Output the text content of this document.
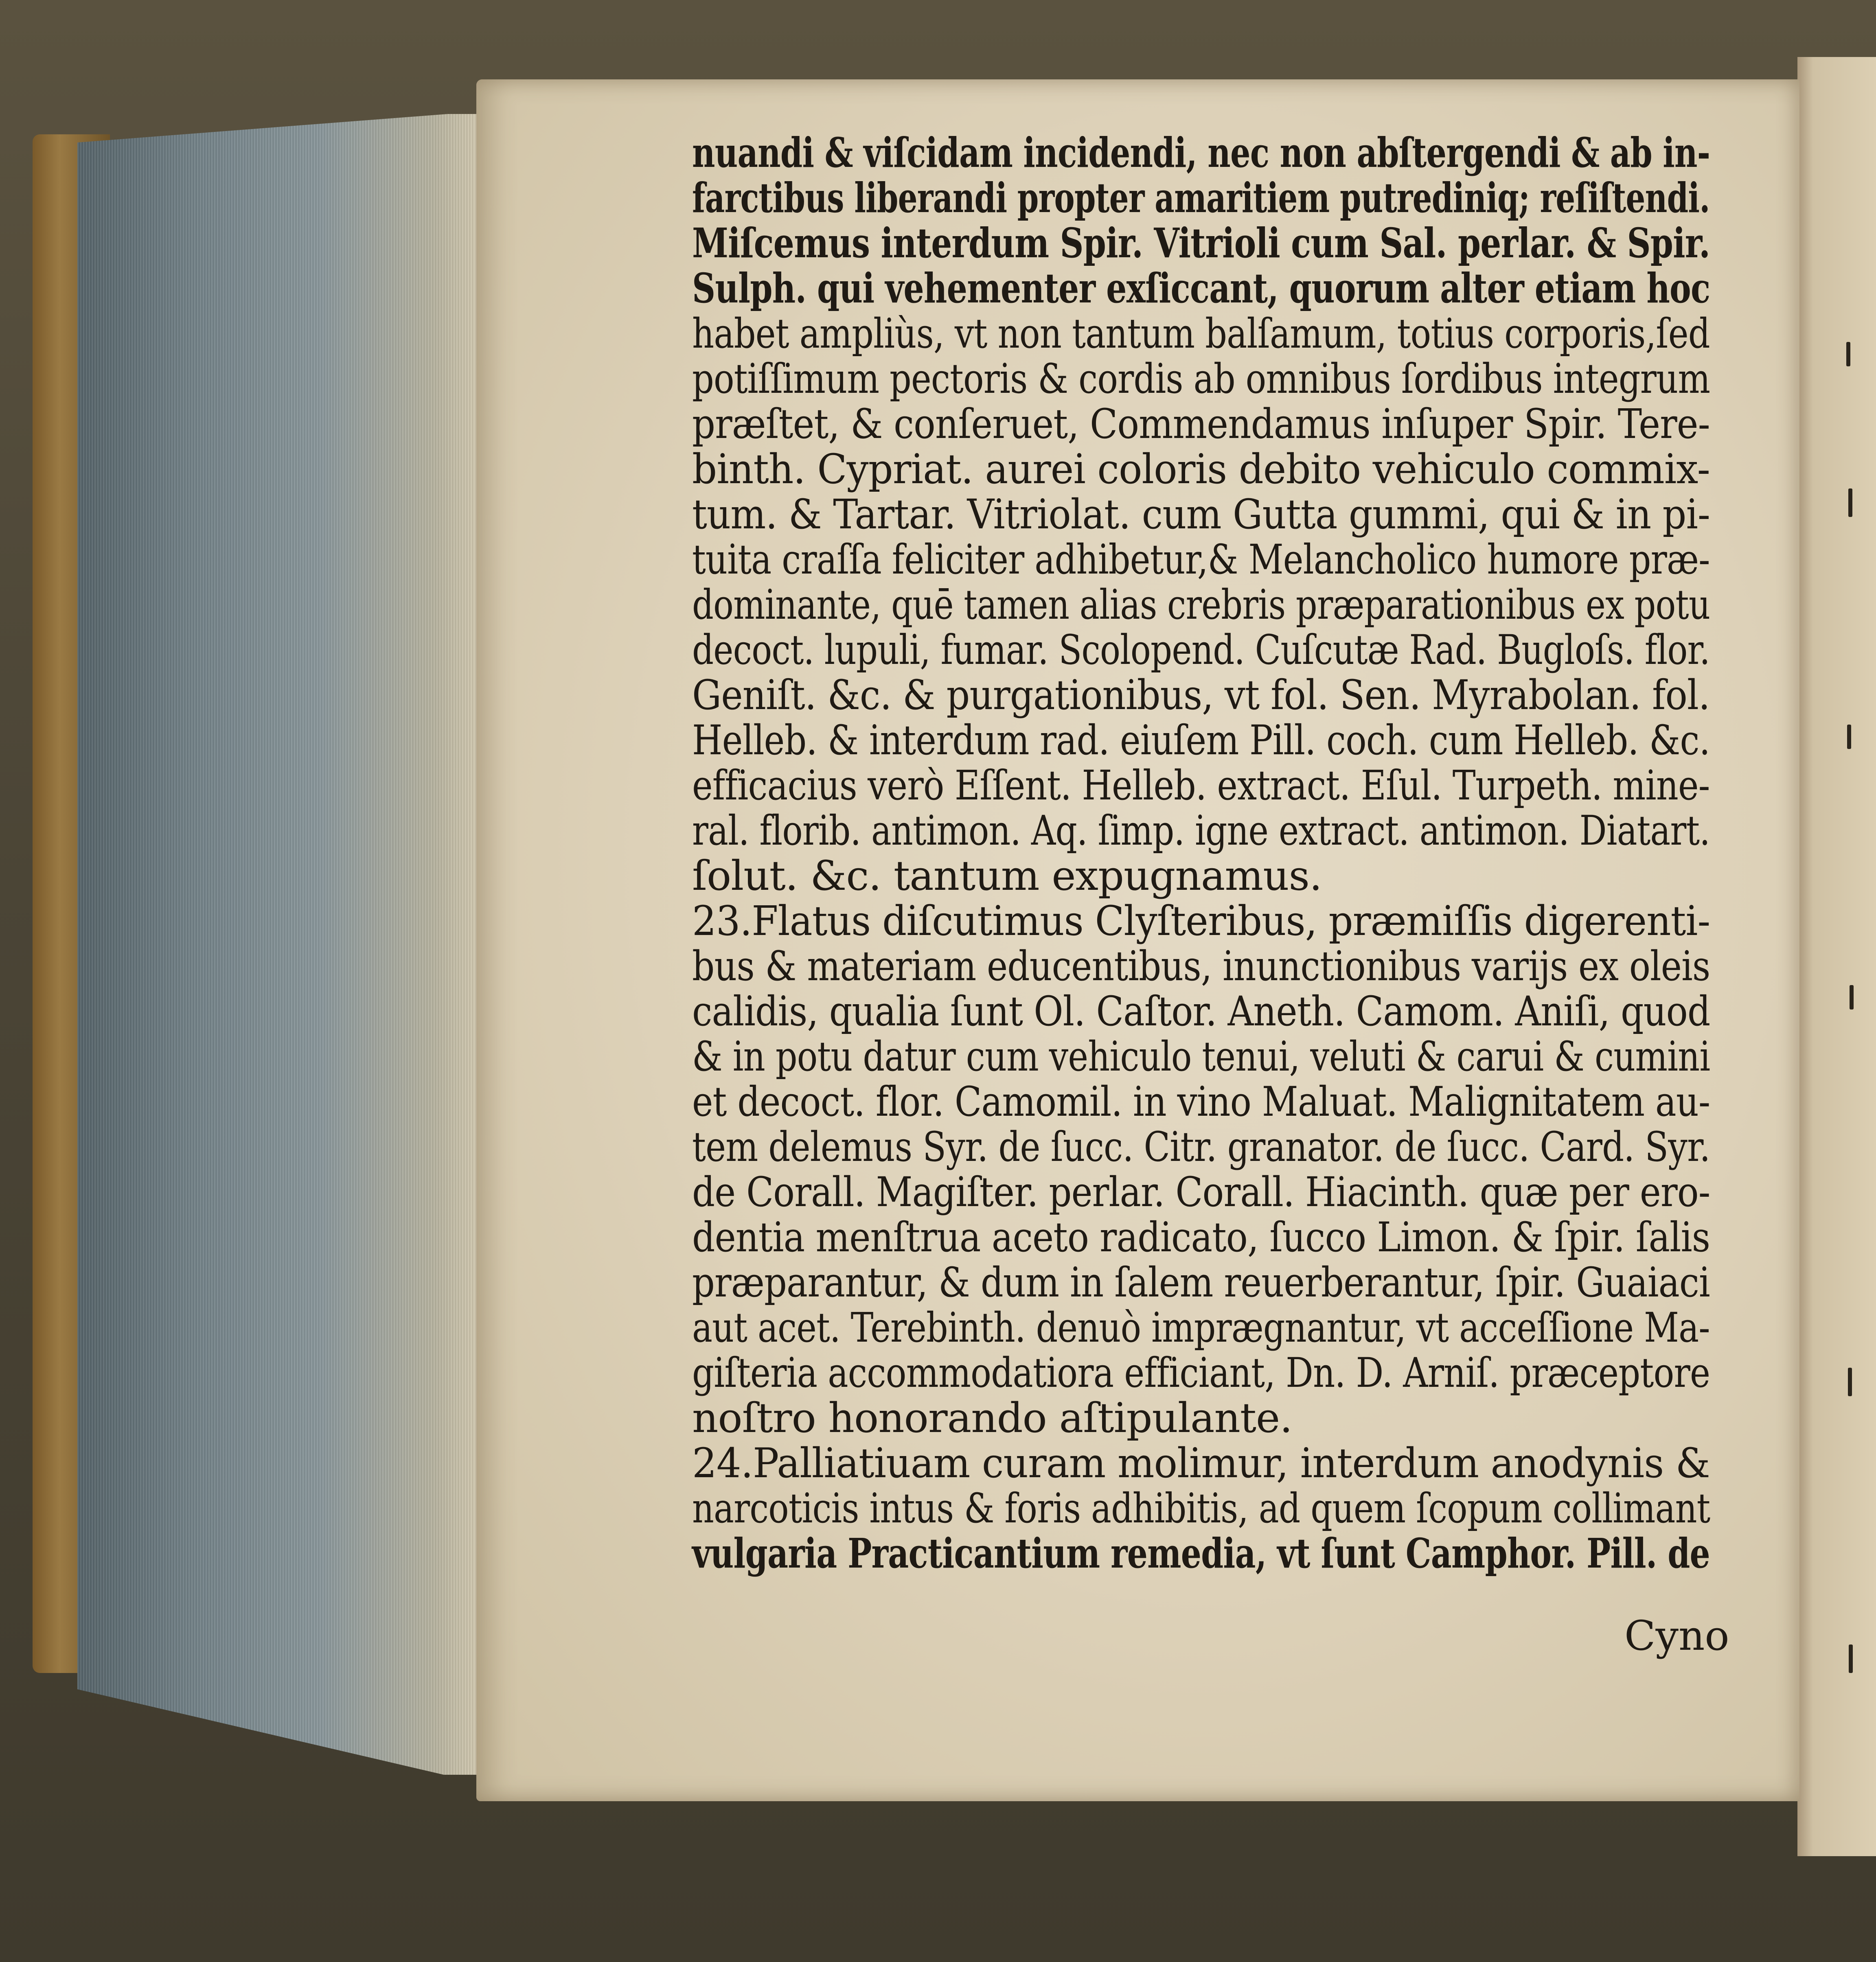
nuandi & viſcidam incidendi, nec non abſtergendi & ab in-
farctibus liberandi propter amaritiem putrediniq; reſiſtendi.
Miſcemus interdum Spir. Vitrioli cum Sal. perlar. & Spir.
Sulph. qui vehementer exſiccant, quorum alter etiam hoc
habet ampliùs, vt non tantum balſamum, totius corporis,ſed
potiſſimum pectoris & cordis ab omnibus ſordibus integrum
præſtet, & conſeruet, Commendamus inſuper Spir. Tere-
binth. Cypriat. aurei coloris debito vehiculo commix-
tum. & Tartar. Vitriolat. cum Gutta gummi, qui & in pi-
tuita craſſa feliciter adhibetur,& Melancholico humore præ-
dominante, quē tamen alias crebris præparationibus ex potu
decoct. lupuli, fumar. Scolopend. Cuſcutæ Rad. Bugloſs. flor.
Geniſt. &c. & purgationibus, vt fol. Sen. Myrabolan. fol.
Helleb. & interdum rad. eiuſem Pill. coch. cum Helleb. &c.
efficacius verò Eſſent. Helleb. extract. Eſul. Turpeth. mine-
ral. florib. antimon. Aq. ſimp. igne extract. antimon. Diatart.
ſolut. &c. tantum expugnamus.
23. Flatus diſcutimus Clyſteribus, præmiſſis digerenti-
bus & materiam educentibus, inunctionibus varijs ex oleis
calidis, qualia ſunt Ol. Caſtor. Aneth. Camom. Aniſi, quod
& in potu datur cum vehiculo tenui, veluti & carui & cumini
et decoct. flor. Camomil. in vino Maluat. Malignitatem au-
tem delemus Syr. de ſucc. Citr. granator. de ſucc. Card. Syr.
de Corall. Magiſter. perlar. Corall. Hiacinth. quæ per ero-
dentia menſtrua aceto radicato, ſucco Limon. & ſpir. ſalis
præparantur, & dum in ſalem reuerberantur, ſpir. Guaiaci
aut acet. Terebinth. denuò imprægnantur, vt acceſſione Ma-
giſteria accommodatiora efficiant, Dn. D. Arniſ. præceptore
noſtro honorando aſtipulante.
24. Palliatiuam curam molimur, interdum anodynis &
narcoticis intus & foris adhibitis, ad quem ſcopum collimant
vulgaria Practicantium remedia, vt ſunt Camphor. Pill. de
Cyno
